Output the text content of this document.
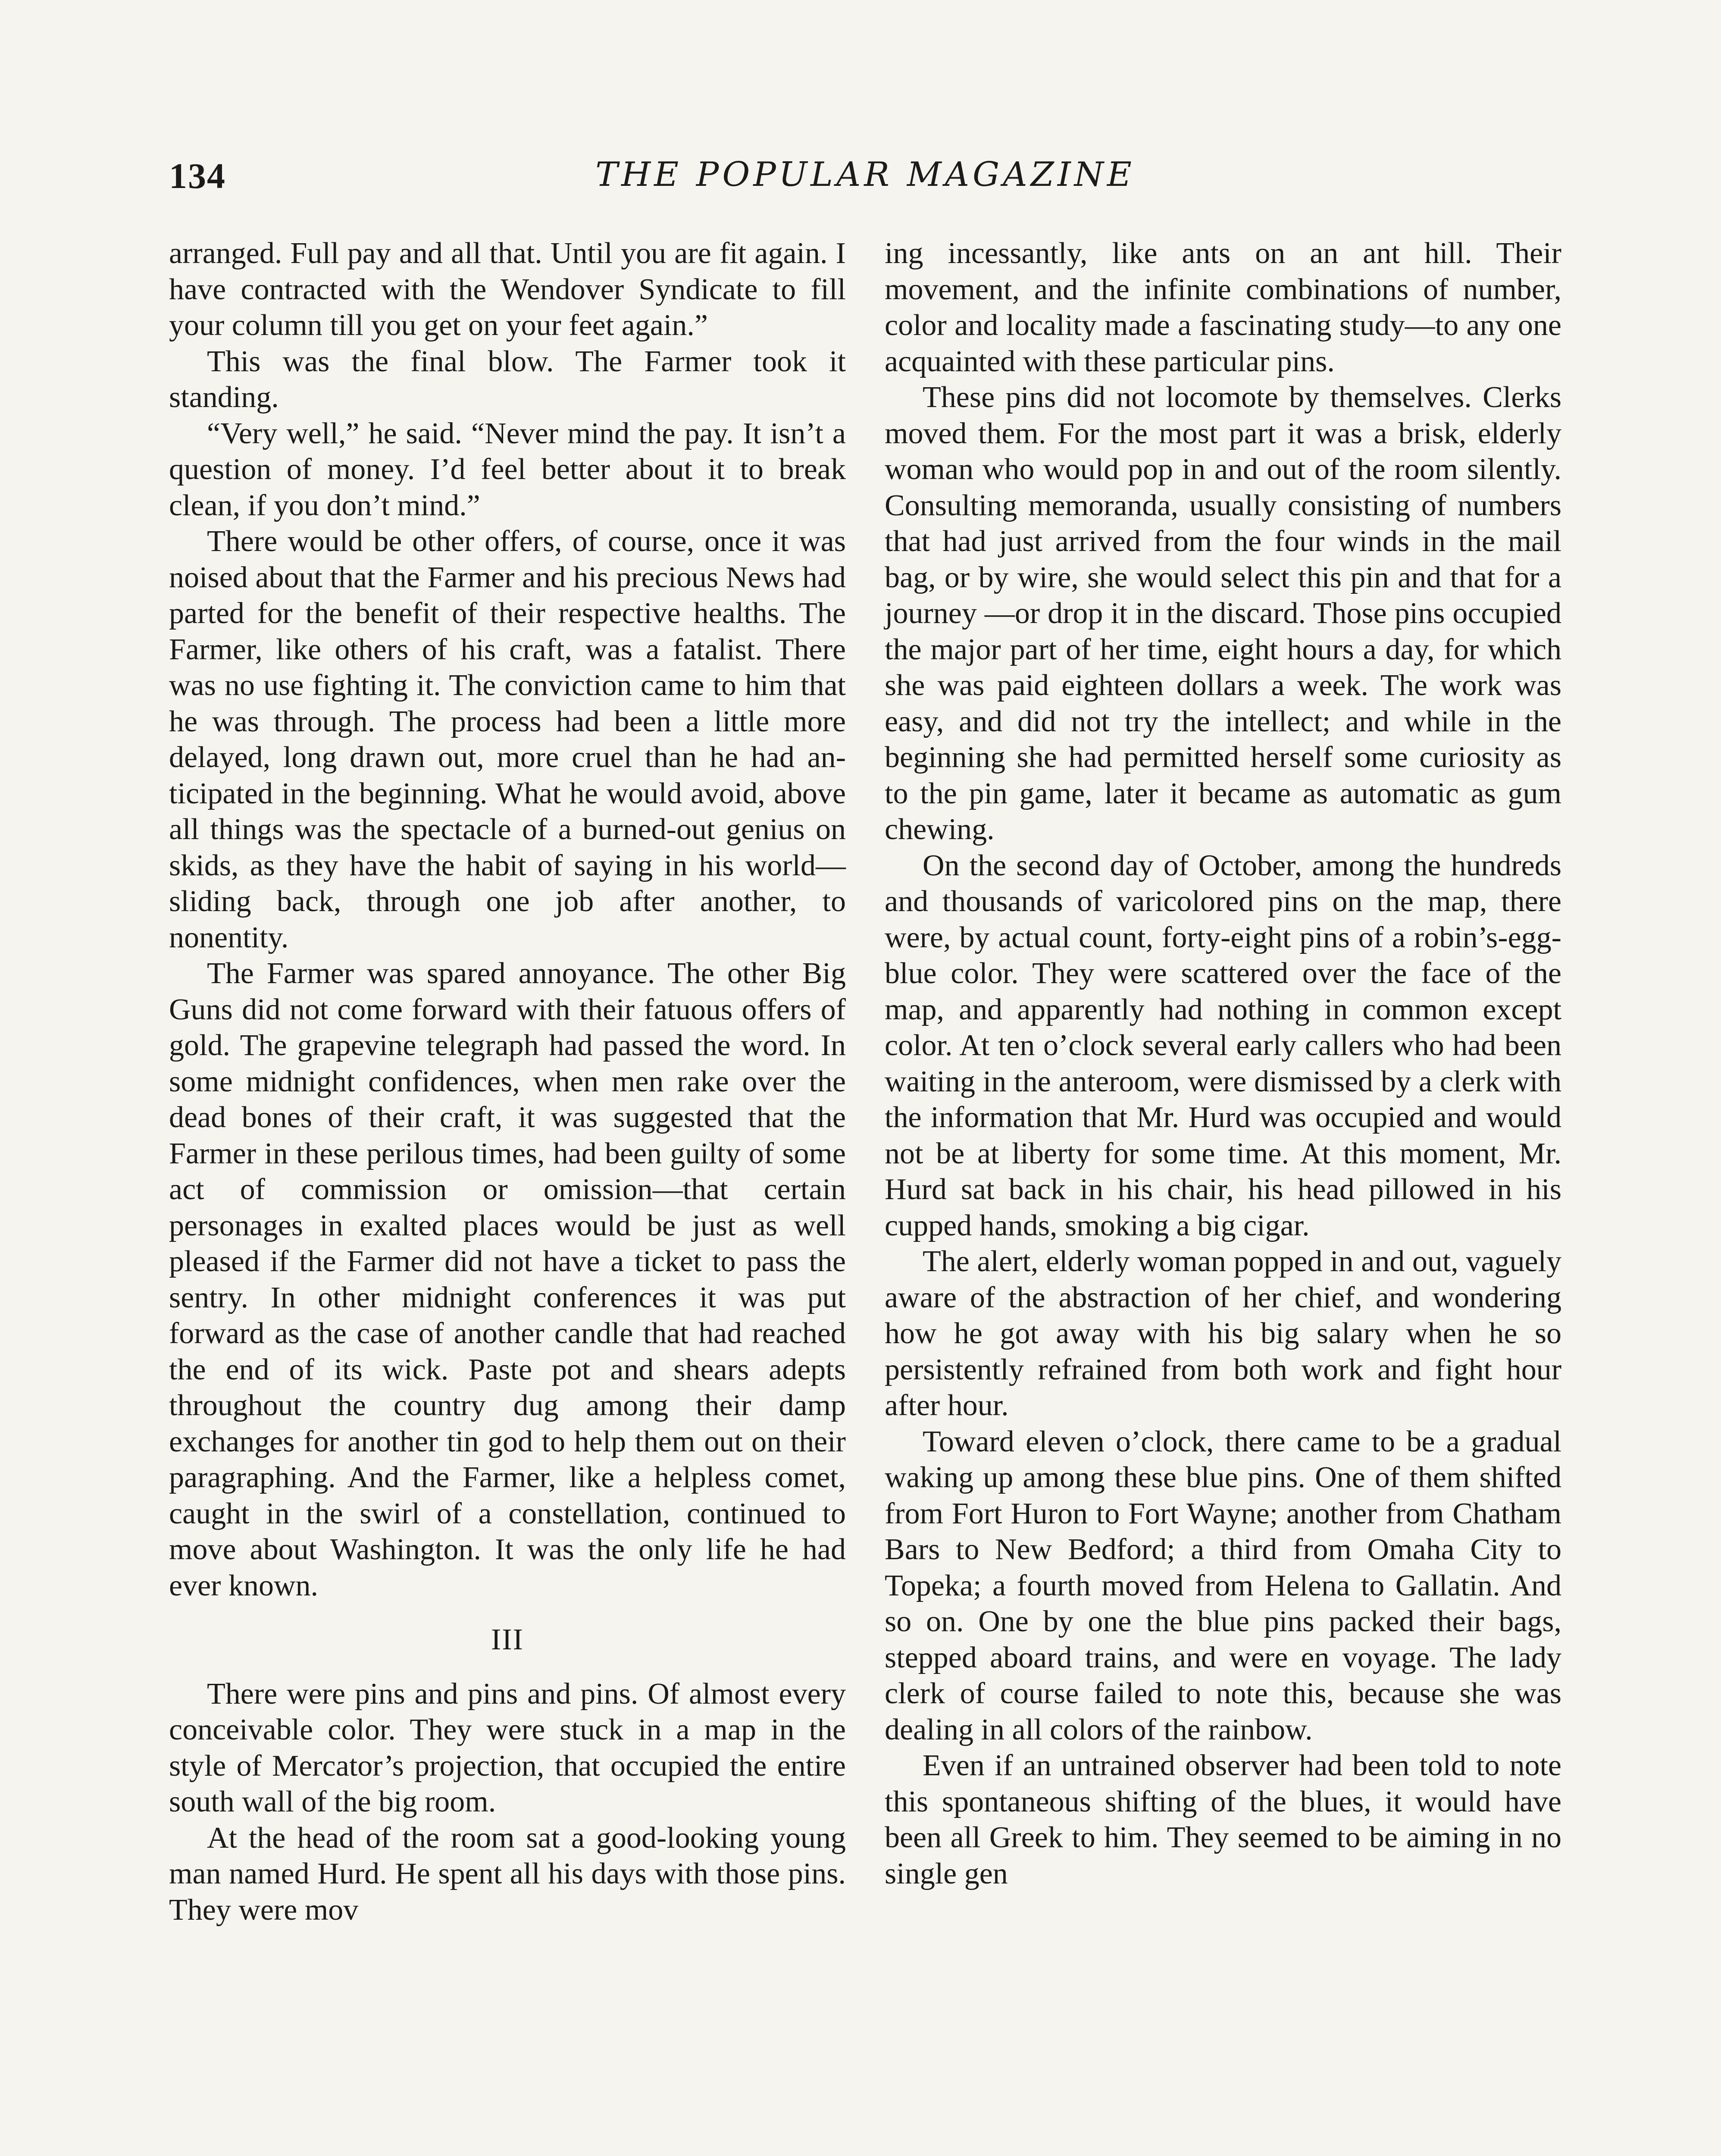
134	THE POPULAR MAGAZINE

arranged. Full pay and all that. Until you are fit again. I have contracted with the Wendover Syndicate to fill your column till you get on your feet again.”

This was the final blow. The Farmer took it standing.

“Very well,” he said. “Never mind the pay. It isn’t a question of money. I’d feel better about it to break clean, if you don’t mind.”

There would be other offers, of course, once it was noised about that the Farmer and his precious News had parted for the benefit of their respective healths. The Farmer, like others of his craft, was a fatalist. There was no use fighting it. The conviction came to him that he was through. The process had been a little more delayed, long drawn out, more cruel than he had anticipated in the beginning. What he would avoid, above all things was the spectacle of a burned-out genius on skids, as they have the habit of saying in his world—sliding back, through one job after another, to nonentity.

The Farmer was spared annoyance. The other Big Guns did not come forward with their fatuous offers of gold. The grapevine telegraph had passed the word. In some midnight confidences, when men rake over the dead bones of their craft, it was suggested that the Farmer in these perilous times, had been guilty of some act of commission or omission—that certain personages in exalted places would be just as well pleased if the Farmer did not have a ticket to pass the sentry. In other midnight conferences it was put forward as the case of another candle that had reached the end of its wick. Paste pot and shears adepts throughout the country dug among their damp exchanges for another tin god to help them out on their paragraphing. And the Farmer, like a helpless comet, caught in the swirl of a constellation, continued to move about Washington. It was the only life he had ever known.

III

There were pins and pins and pins. Of almost every conceivable color. They were stuck in a map in the style of Mercator’s projection, that occupied the entire south wall of the big room.

At the head of the room sat a good-looking young man named Hurd. He spent all his days with those pins. They were mov

ing incessantly, like ants on an ant hill. Their movement, and the infinite combinations of number, color and locality made a fascinating study—to any one acquainted with these particular pins.

These pins did not locomote by themselves. Clerks moved them. For the most part it was a brisk, elderly woman who would pop in and out of the room silently. Consulting memoranda, usually consisting of numbers that had just arrived from the four winds in the mail bag, or by wire, she would select this pin and that for a journey —or drop it in the discard. Those pins occupied the major part of her time, eight hours a day, for which she was paid eighteen dollars a week. The work was easy, and did not try the intellect; and while in the beginning she had permitted herself some curiosity as to the pin game, later it became as automatic as gum chewing.

On the second day of October, among the hundreds and thousands of varicolored pins on the map, there were, by actual count, forty-eight pins of a robin’s-egg-blue color. They were scattered over the face of the map, and apparently had nothing in common except color. At ten o’clock several early callers who had been waiting in the anteroom, were dismissed by a clerk with the information that Mr. Hurd was occupied and would not be at liberty for some time. At this moment, Mr. Hurd sat back in his chair, his head pillowed in his cupped hands, smoking a big cigar.

The alert, elderly woman popped in and out, vaguely aware of the abstraction of her chief, and wondering how he got away with his big salary when he so persistently refrained from both work and fight hour after hour.

Toward eleven o’clock, there came to be a gradual waking up among these blue pins. One of them shifted from Fort Huron to Fort Wayne; another from Chatham Bars to New Bedford; a third from Omaha City to Topeka; a fourth moved from Helena to Gallatin. And so on. One by one the blue pins packed their bags, stepped aboard trains, and were en voyage. The lady clerk of course failed to note this, because she was dealing in all colors of the rainbow.

Even if an untrained observer had been told to note this spontaneous shifting of the blues, it would have been all Greek to him. They seemed to be aiming in no single gen
